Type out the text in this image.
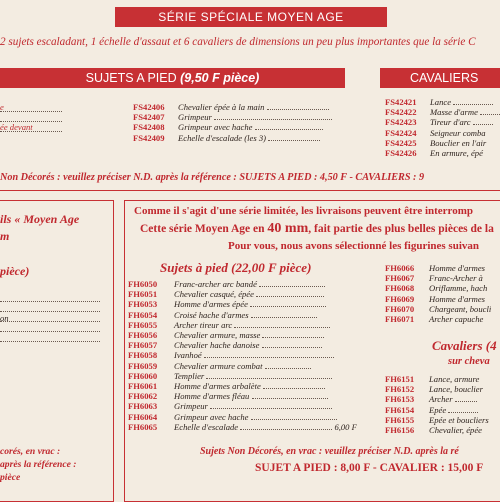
SÉRIE SPÉCIALE MOYEN AGE
2 sujets escaladant, 1 échelle d'assaut et 6 cavaliers de dimensions un peu plus importantes que la série C
SUJETS A PIED (9,50 F pièce)	CAVALIERS
e

ée devant

FS42406 Chevalier épée à la main
FS42407 Grimpeur
FS42408 Grimpeur avec hache
FS42409 Echelle d'escalade (les 3)
FS42421 Lance
FS42422 Masse d'arme
FS42423 Tireur d'arc
FS42424 Seigneur comba
FS42425 Bouclier en l'air
FS42426 En armure, épé
Non Décorés : veuillez préciser N.D. après la référence : SUJETS A PIED : 4,50 F - CAVALIERS : 9
ils « Moyen Age
m
pièce)

on

corés, en vrac :
après la référence :
pièce
Comme il s'agit d'une série limitée, les livraisons peuvent être interromp
Cette série Moyen Age en 40 mm, fait partie des plus belles pièces de la
Pour vous, nous avons sélectionné les figurines suivan
Sujets à pied (22,00 F pièce)
FH6050 Franc-archer arc bandé
FH6051 Chevalier casqué, épée
FH6053 Homme d'armes épée
FH6054 Croisé hache d'armes
FH6055 Archer tireur arc
FH6056 Chevalier armure, masse
FH6057 Chevalier hache danoise
FH6058 Ivanhoé
FH6059 Chevalier armure combat
FH6060 Templier
FH6061 Homme d'armes arbalète
FH6062 Homme d'armes fléau
FH6063 Grimpeur
FH6064 Grimpeur avec hache
FH6065 Echelle d'escalade	6,00 F
FH6066 Homme d'armes
FH6067 Franc-Archer à
FH6068 Oriflamme, hach
FH6069 Homme d'armes
FH6070 Chargeant, boucli
FH6071 Archer capuche
Cavaliers (4
sur cheva
FH6151 Lance, armure
FH6152 Lance, bouclier
FH6153 Archer
FH6154 Epée
FH6155 Epée et boucliers
FH6156 Chevalier, épée
Sujets Non Décorés, en vrac : veuillez préciser N.D. après la ré
SUJET A PIED : 8,00 F - CAVALIER : 15,00 F
